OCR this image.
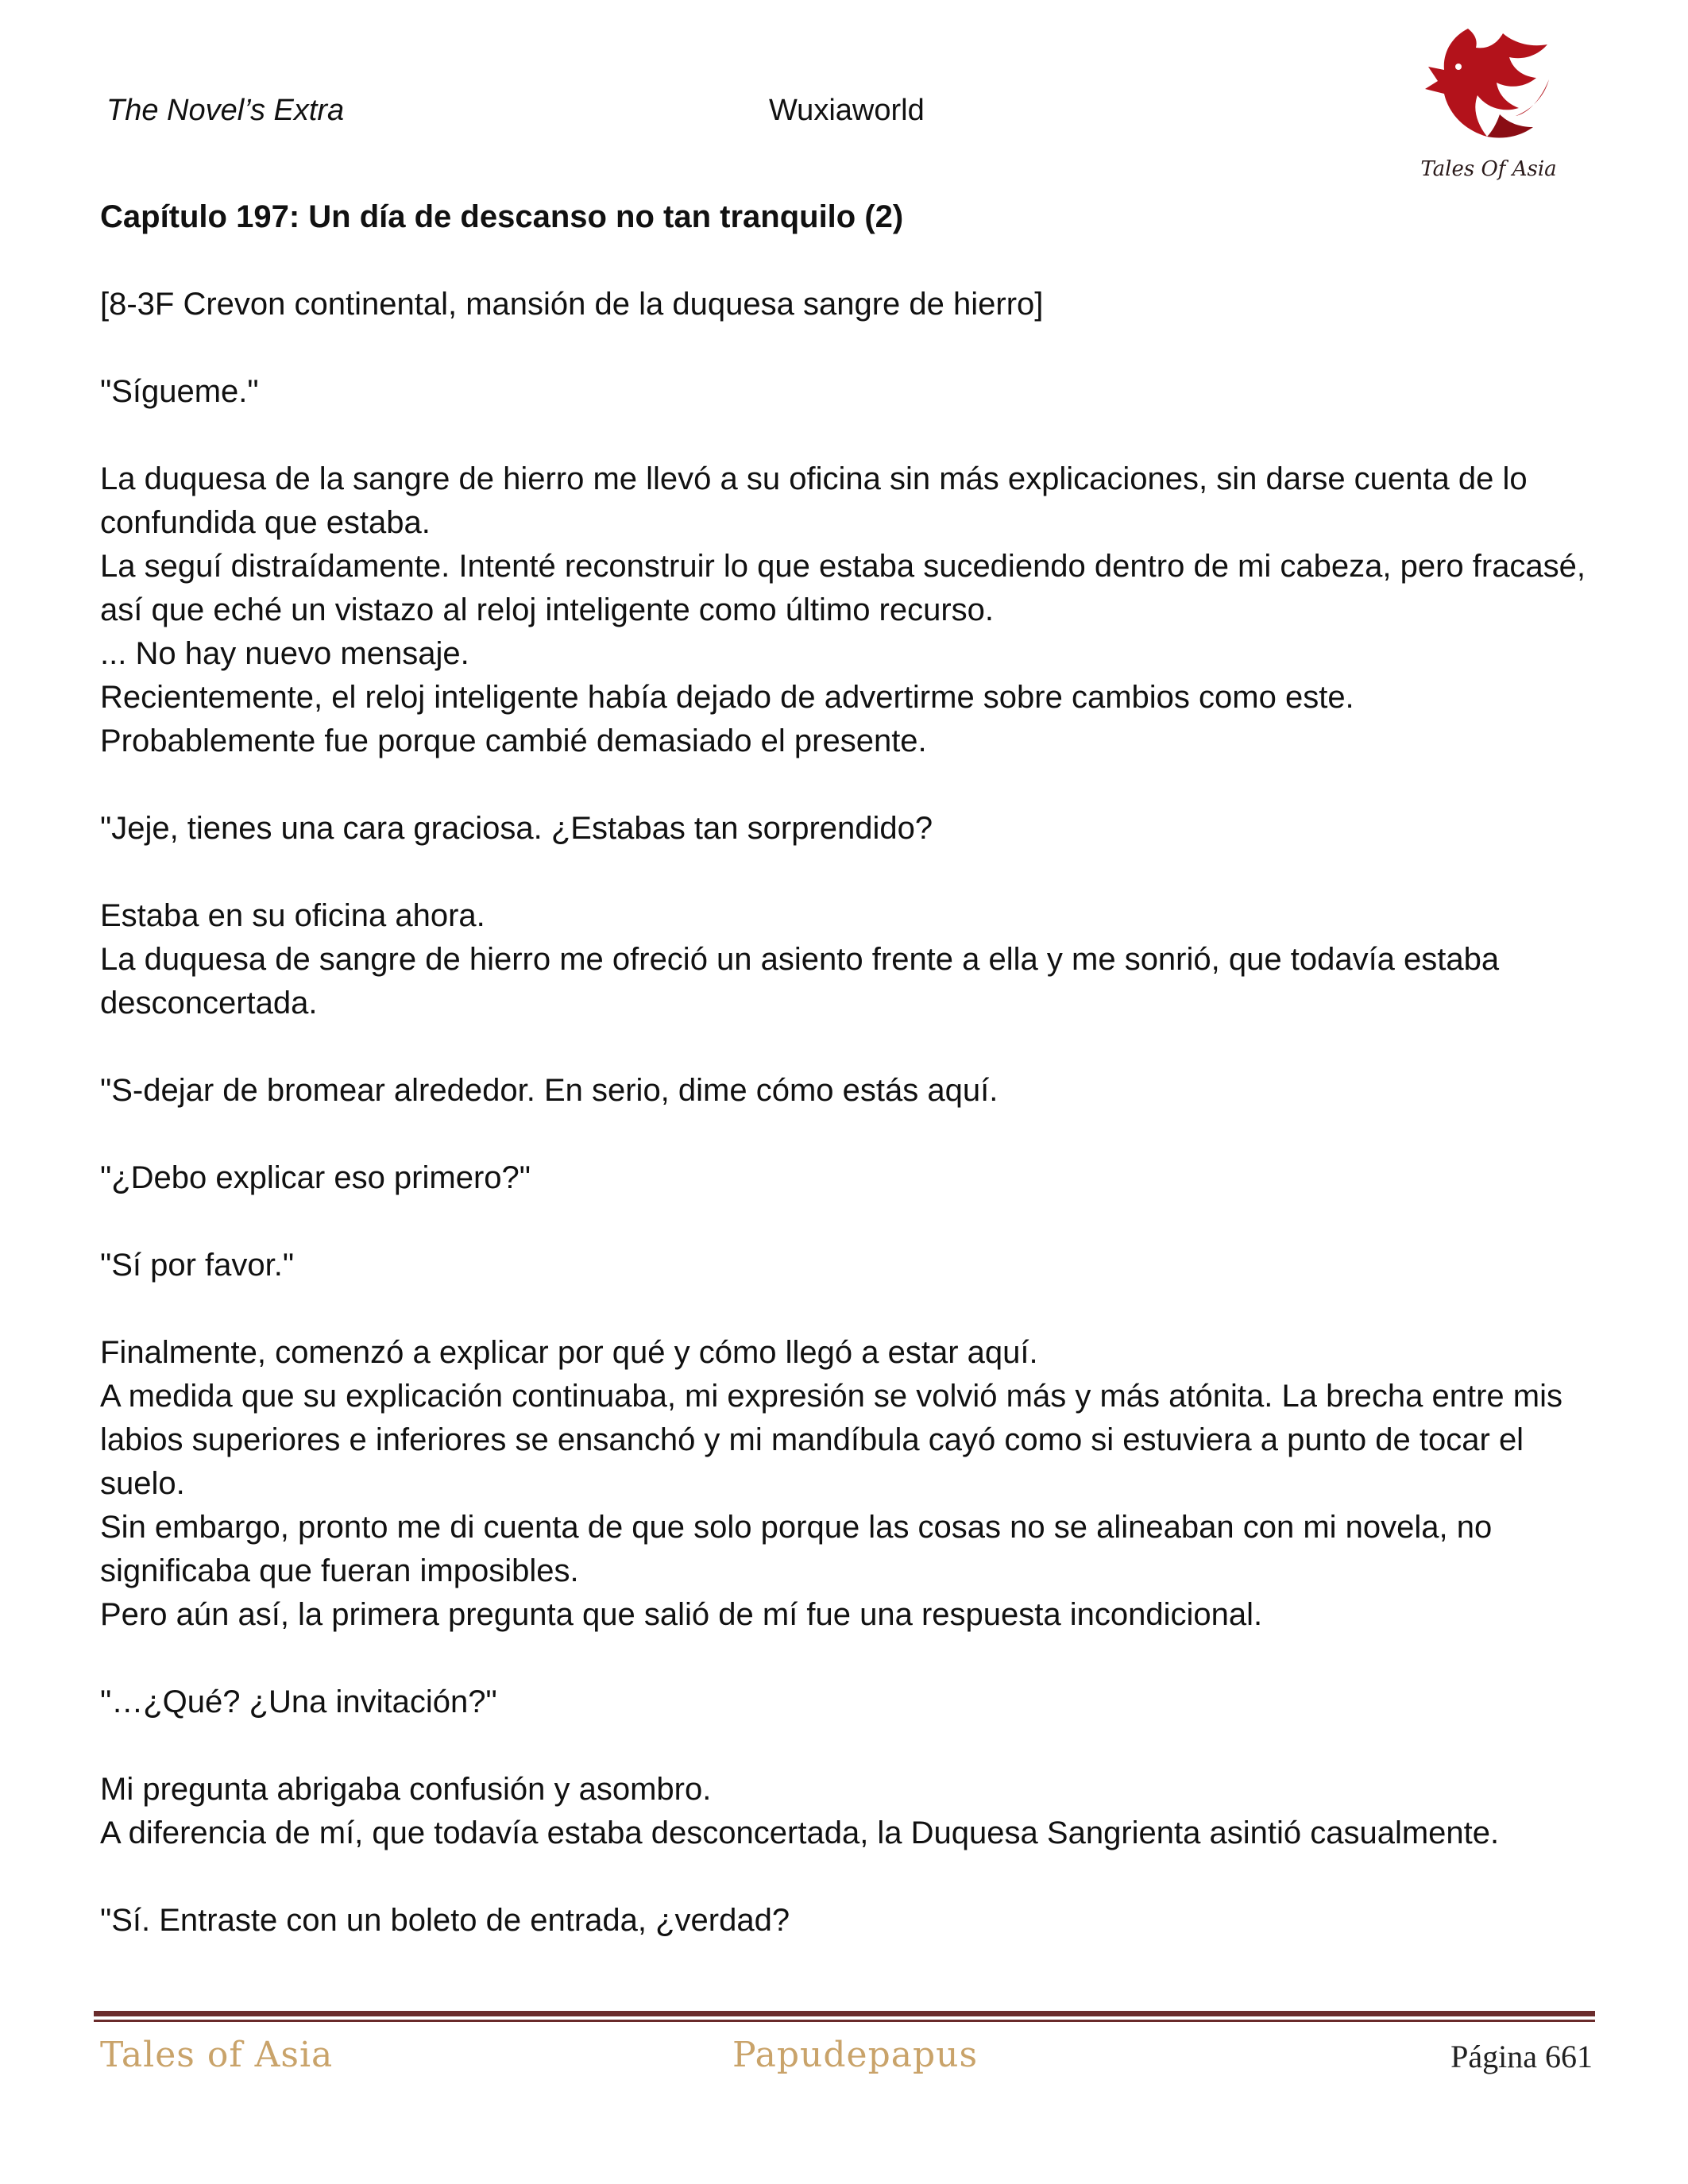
The Novel’s Extra	Wuxiaworld
Tales Of Asia

Capítulo 197: Un día de descanso no tan tranquilo (2)

[8-3F Crevon continental, mansión de la duquesa sangre de hierro]

"Sígueme."

La duquesa de la sangre de hierro me llevó a su oficina sin más explicaciones, sin darse cuenta de lo confundida que estaba.

La seguí distraídamente. Intenté reconstruir lo que estaba sucediendo dentro de mi cabeza, pero fracasé, así que eché un vistazo al reloj inteligente como último recurso.

... No hay nuevo mensaje.

Recientemente, el reloj inteligente había dejado de advertirme sobre cambios como este.

Probablemente fue porque cambié demasiado el presente.

"Jeje, tienes una cara graciosa. ¿Estabas tan sorprendido?

Estaba en su oficina ahora.

La duquesa de sangre de hierro me ofreció un asiento frente a ella y me sonrió, que todavía estaba desconcertada.

"S-dejar de bromear alrededor. En serio, dime cómo estás aquí.

"¿Debo explicar eso primero?"

"Sí por favor."

Finalmente, comenzó a explicar por qué y cómo llegó a estar aquí.

A medida que su explicación continuaba, mi expresión se volvió más y más atónita. La brecha entre mis labios superiores e inferiores se ensanchó y mi mandíbula cayó como si estuviera a punto de tocar el suelo.

Sin embargo, pronto me di cuenta de que solo porque las cosas no se alineaban con mi novela, no significaba que fueran imposibles.

Pero aún así, la primera pregunta que salió de mí fue una respuesta incondicional.

"…¿Qué? ¿Una invitación?"

Mi pregunta abrigaba confusión y asombro.

A diferencia de mí, que todavía estaba desconcertada, la Duquesa Sangrienta asintió casualmente.

"Sí. Entraste con un boleto de entrada, ¿verdad?

Tales of Asia	Papudepapus	Página 661
